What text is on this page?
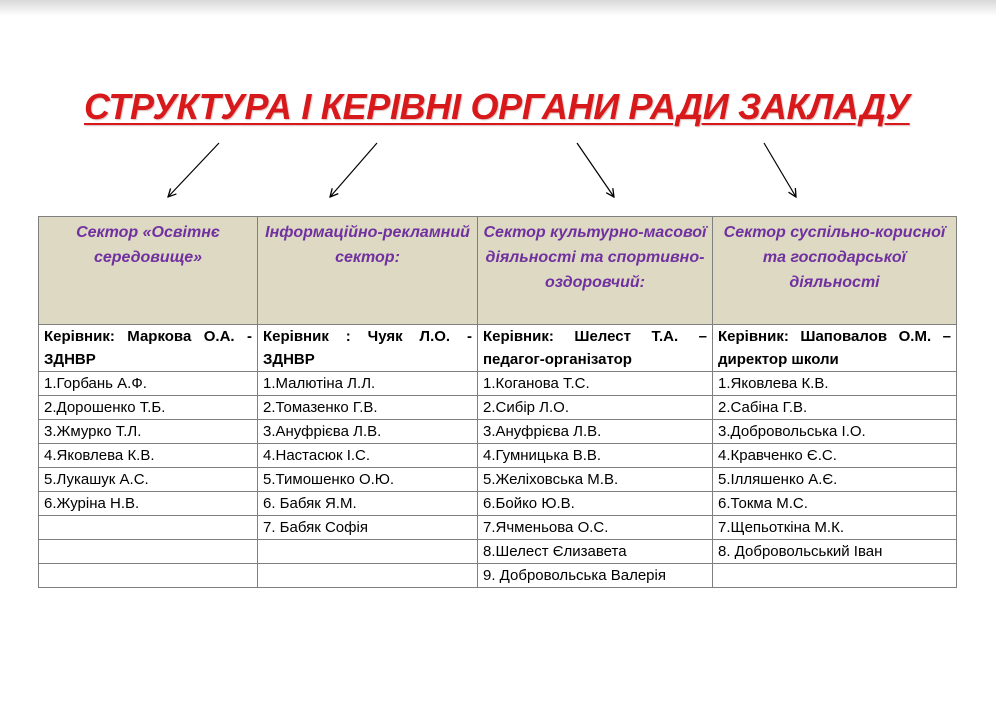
СТРУКТУРА І КЕРІВНІ ОРГАНИ РАДИ ЗАКЛАДУ
Сектор «Освітнє середовище»	Інформаційно-рекламний сектор:	Сектор культурно-масової діяльності та спортивно-оздоровчий:	Сектор суспільно-корисної та господарської діяльності
Керівник: Маркова О.А. - ЗДНВР	Керівник : Чуяк Л.О. - ЗДНВР	Керівник: Шелест Т.А. – педагог-організатор	Керівник: Шаповалов О.М. – директор школи
1.Горбань А.Ф.	1.Малютіна Л.Л.	1.Коганова Т.С.	1.Яковлева К.В.
2.Дорошенко Т.Б.	2.Томазенко Г.В.	2.Сибір Л.О.	2.Сабіна Г.В.
3.Жмурко Т.Л.	3.Ануфрієва Л.В.	3.Ануфрієва Л.В.	3.Добровольська І.О.
4.Яковлева К.В.	4.Настасюк І.С.	4.Гумницька В.В.	4.Кравченко Є.С.
5.Лукашук А.С.	5.Тимошенко О.Ю.	5.Желіховська М.В.	5.Ілляшенко А.Є.
6.Журіна Н.В.	6. Бабяк Я.М.	6.Бойко Ю.В.	6.Токма М.С.
	7. Бабяк Софія	7.Ячменьова О.С.	7.Щепьоткіна М.К.
		8.Шелест Єлизавета	8. Добровольський Іван
		9. Добровольська Валерія	
